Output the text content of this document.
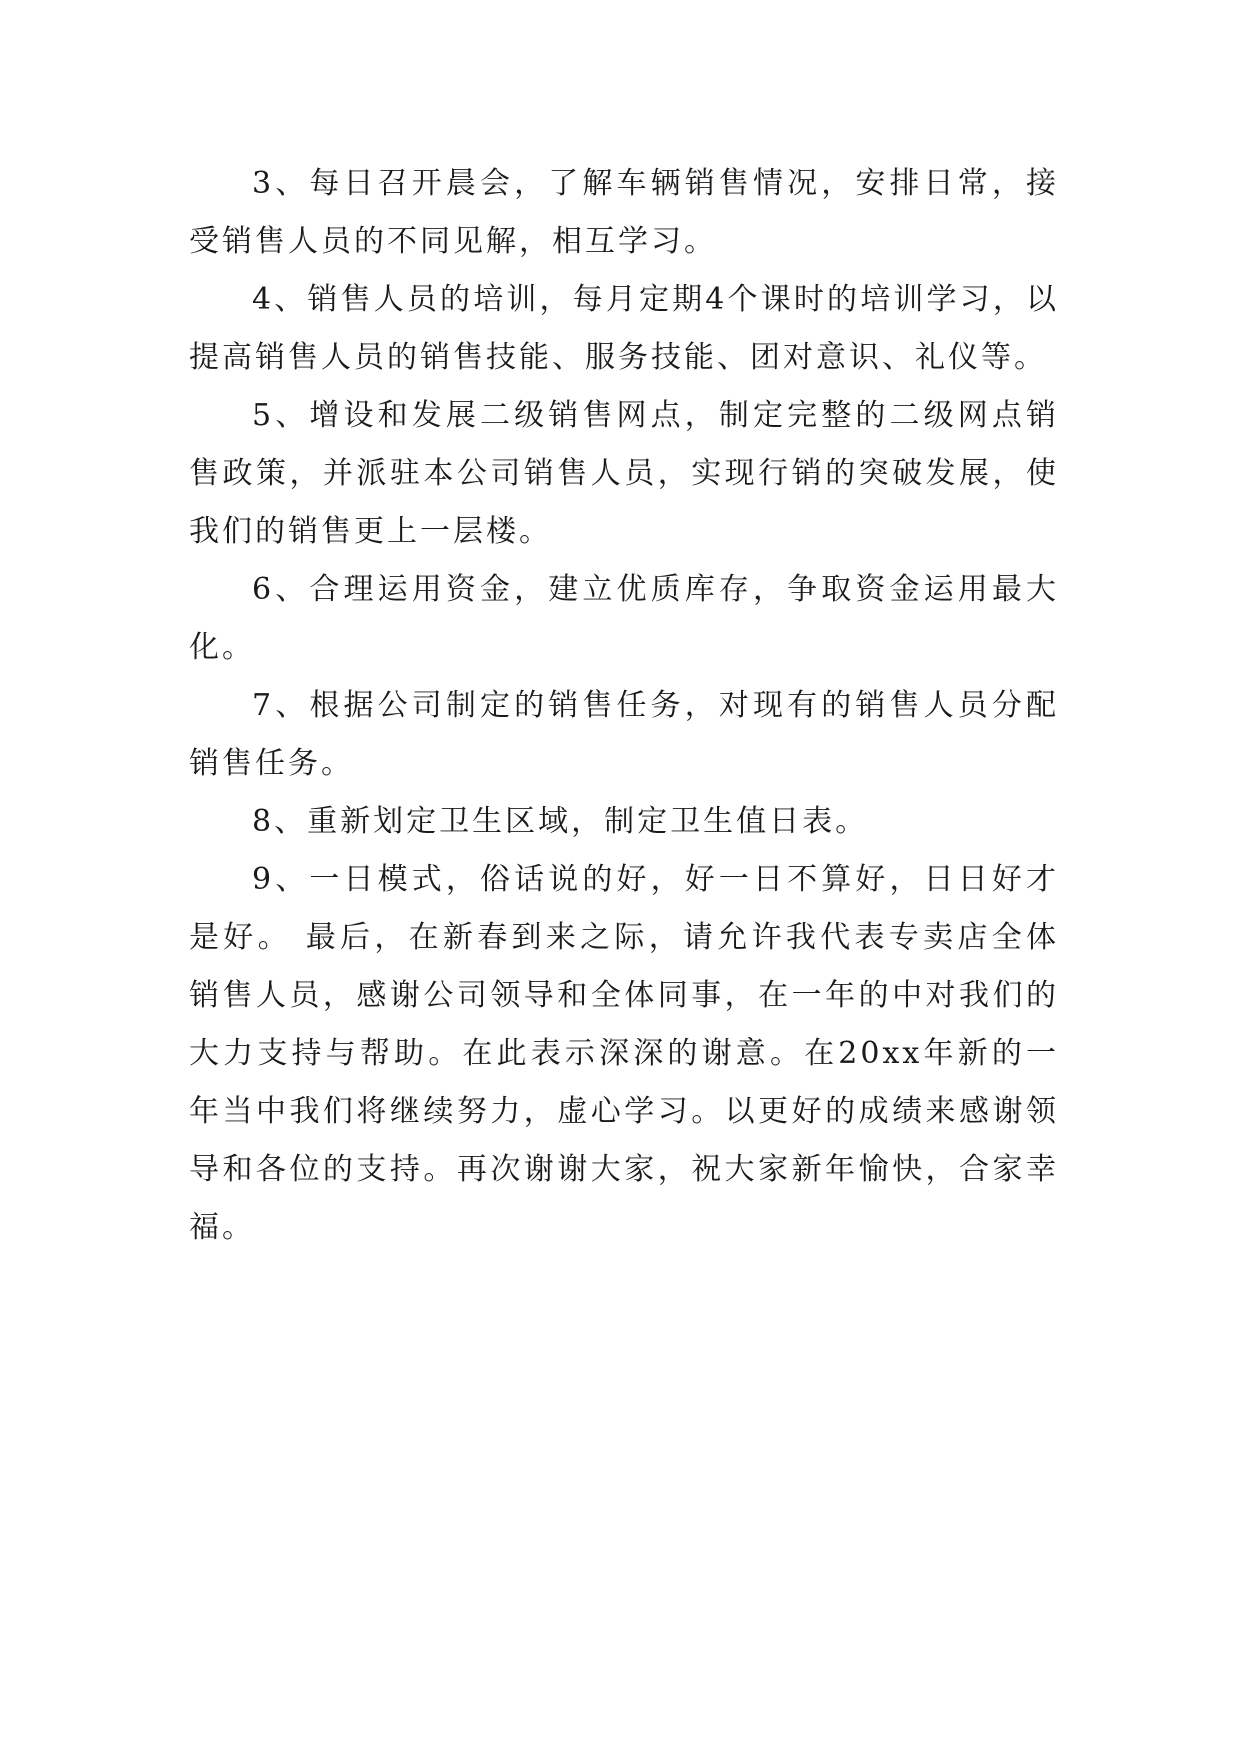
3、每日召开晨会，了解车辆销售情况，安排日常，接受销售人员的不同见解，相互学习。

4、销售人员的培训，每月定期4个课时的培训学习，以提高销售人员的销售技能、服务技能、团对意识、礼仪等。

5、增设和发展二级销售网点，制定完整的二级网点销售政策，并派驻本公司销售人员，实现行销的突破发展，使我们的销售更上一层楼。

6、合理运用资金，建立优质库存，争取资金运用最大化。

7、根据公司制定的销售任务，对现有的销售人员分配销售任务。

8、重新划定卫生区域，制定卫生值日表。

9、一日模式，俗话说的好，好一日不算好，日日好才是好。 最后，在新春到来之际，请允许我代表专卖店全体销售人员，感谢公司领导和全体同事，在一年的中对我们的大力支持与帮助。在此表示深深的谢意。在20xx年新的一年当中我们将继续努力，虚心学习。以更好的成绩来感谢领导和各位的支持。再次谢谢大家，祝大家新年愉快，合家幸福。
